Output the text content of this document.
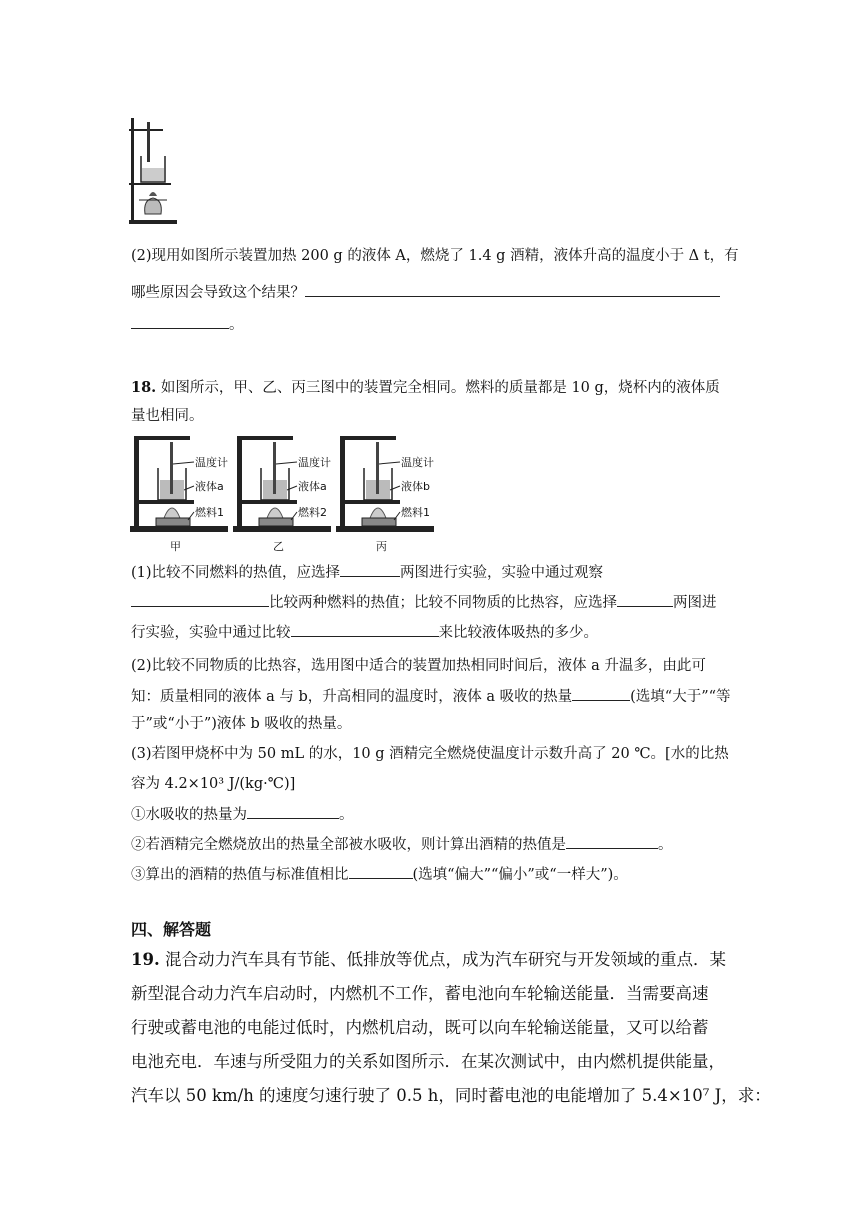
(2)现用如图所示装置加热 200 g 的液体 A，燃烧了 1.4 g 酒精，液体升高的温度小于 Δ t，有
哪些原因会导致这个结果？
。
18. 如图所示，甲、乙、丙三图中的装置完全相同。燃料的质量都是 10 g，烧杯内的液体质
量也相同。
温度计
液体a
燃料1
甲
温度计
液体a
燃料2
乙
温度计
液体b
燃料1
丙
(1)比较不同燃料的热值，应选择	两图进行实验，实验中通过观察
比较两种燃料的热值；比较不同物质的比热容，应选择	两图进
行实验，实验中通过比较	来比较液体吸热的多少。
(2)比较不同物质的比热容，选用图中适合的装置加热相同时间后，液体 a 升温多，由此可
知：质量相同的液体 a 与 b，升高相同的温度时，液体 a 吸收的热量	(选填“大于”“等
于”或“小于”)液体 b 吸收的热量。
(3)若图甲烧杯中为 50 mL 的水，10 g 酒精完全燃烧使温度计示数升高了 20 ℃。[水的比热
容为 4.2×10³ J/(kg·℃)]
①水吸收的热量为	。
②若酒精完全燃烧放出的热量全部被水吸收，则计算出酒精的热值是	。
③算出的酒精的热值与标准值相比	(选填“偏大”“偏小”或“一样大”)。
四、解答题
19. 混合动力汽车具有节能、低排放等优点，成为汽车研究与开发领域的重点．某
新型混合动力汽车启动时，内燃机不工作，蓄电池向车轮输送能量．当需要高速
行驶或蓄电池的电能过低时，内燃机启动，既可以向车轮输送能量，又可以给蓄
电池充电．车速与所受阻力的关系如图所示．在某次测试中，由内燃机提供能量，
汽车以 50 km/h 的速度匀速行驶了 0.5 h，同时蓄电池的电能增加了 5.4×10⁷ J，求：
